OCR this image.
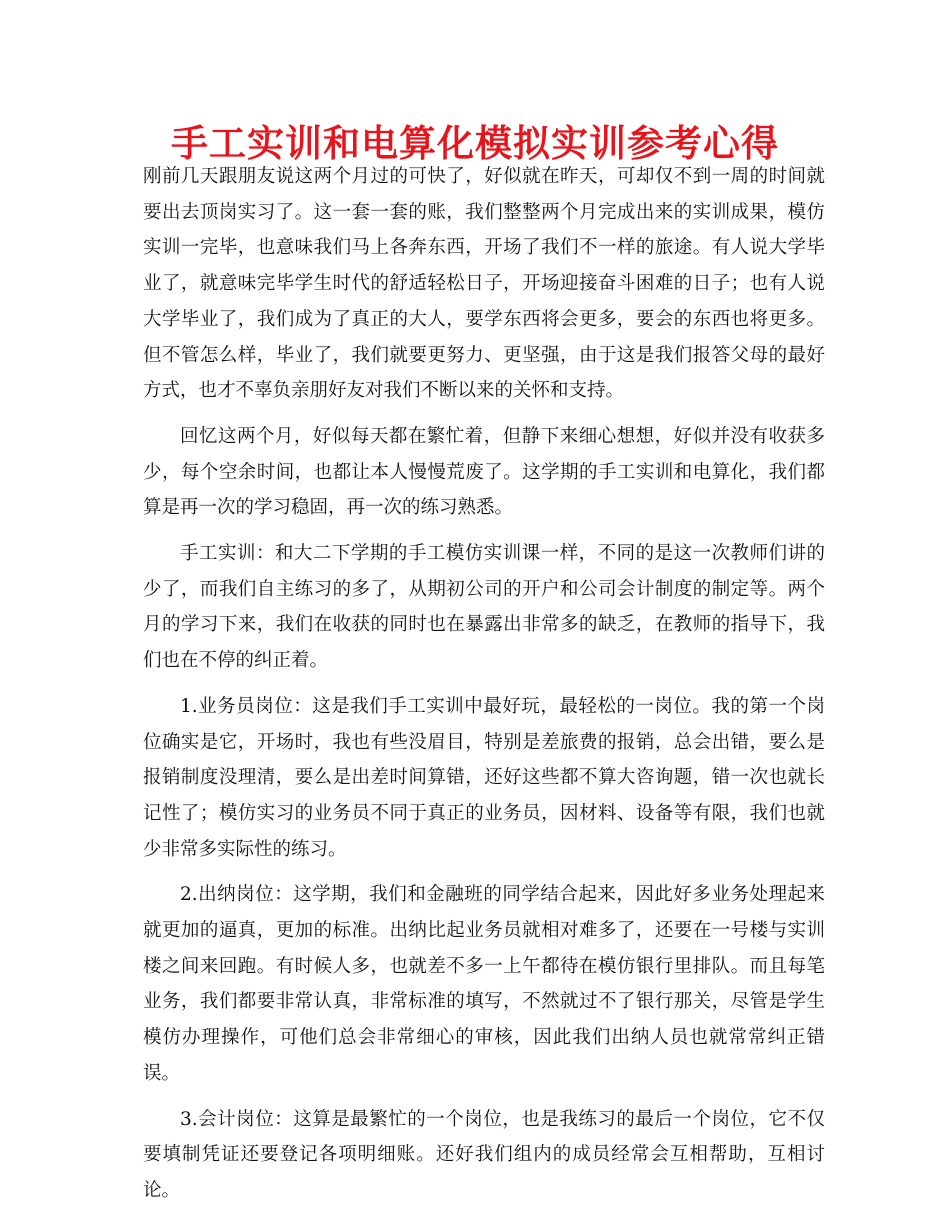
手工实训和电算化模拟实训参考心得

刚前几天跟朋友说这两个月过的可快了，好似就在昨天，可却仅不到一周的时间就要出去顶岗实习了。这一套一套的账，我们整整两个月完成出来的实训成果，模仿实训一完毕，也意味我们马上各奔东西，开场了我们不一样的旅途。有人说大学毕业了，就意味完毕学生时代的舒适轻松日子，开场迎接奋斗困难的日子；也有人说大学毕业了，我们成为了真正的大人，要学东西将会更多，要会的东西也将更多。但不管怎么样，毕业了，我们就要更努力、更坚强，由于这是我们报答父母的最好方式，也才不辜负亲朋好友对我们不断以来的关怀和支持。

回忆这两个月，好似每天都在繁忙着，但静下来细心想想，好似并没有收获多少，每个空余时间，也都让本人慢慢荒废了。这学期的手工实训和电算化，我们都算是再一次的学习稳固，再一次的练习熟悉。

手工实训：和大二下学期的手工模仿实训课一样，不同的是这一次教师们讲的少了，而我们自主练习的多了，从期初公司的开户和公司会计制度的制定等。两个月的学习下来，我们在收获的同时也在暴露出非常多的缺乏，在教师的指导下，我们也在不停的纠正着。

1.业务员岗位：这是我们手工实训中最好玩，最轻松的一岗位。我的第一个岗位确实是它，开场时，我也有些没眉目，特别是差旅费的报销，总会出错，要么是报销制度没理清，要么是出差时间算错，还好这些都不算大咨询题，错一次也就长记性了；模仿实习的业务员不同于真正的业务员，因材料、设备等有限，我们也就少非常多实际性的练习。

2.出纳岗位：这学期，我们和金融班的同学结合起来，因此好多业务处理起来就更加的逼真，更加的标准。出纳比起业务员就相对难多了，还要在一号楼与实训楼之间来回跑。有时候人多，也就差不多一上午都待在模仿银行里排队。而且每笔业务，我们都要非常认真，非常标准的填写，不然就过不了银行那关，尽管是学生模仿办理操作，可他们总会非常细心的审核，因此我们出纳人员也就常常纠正错误。

3.会计岗位：这算是最繁忙的一个岗位，也是我练习的最后一个岗位，它不仅要填制凭证还要登记各项明细账。还好我们组内的成员经常会互相帮助，互相讨论。
